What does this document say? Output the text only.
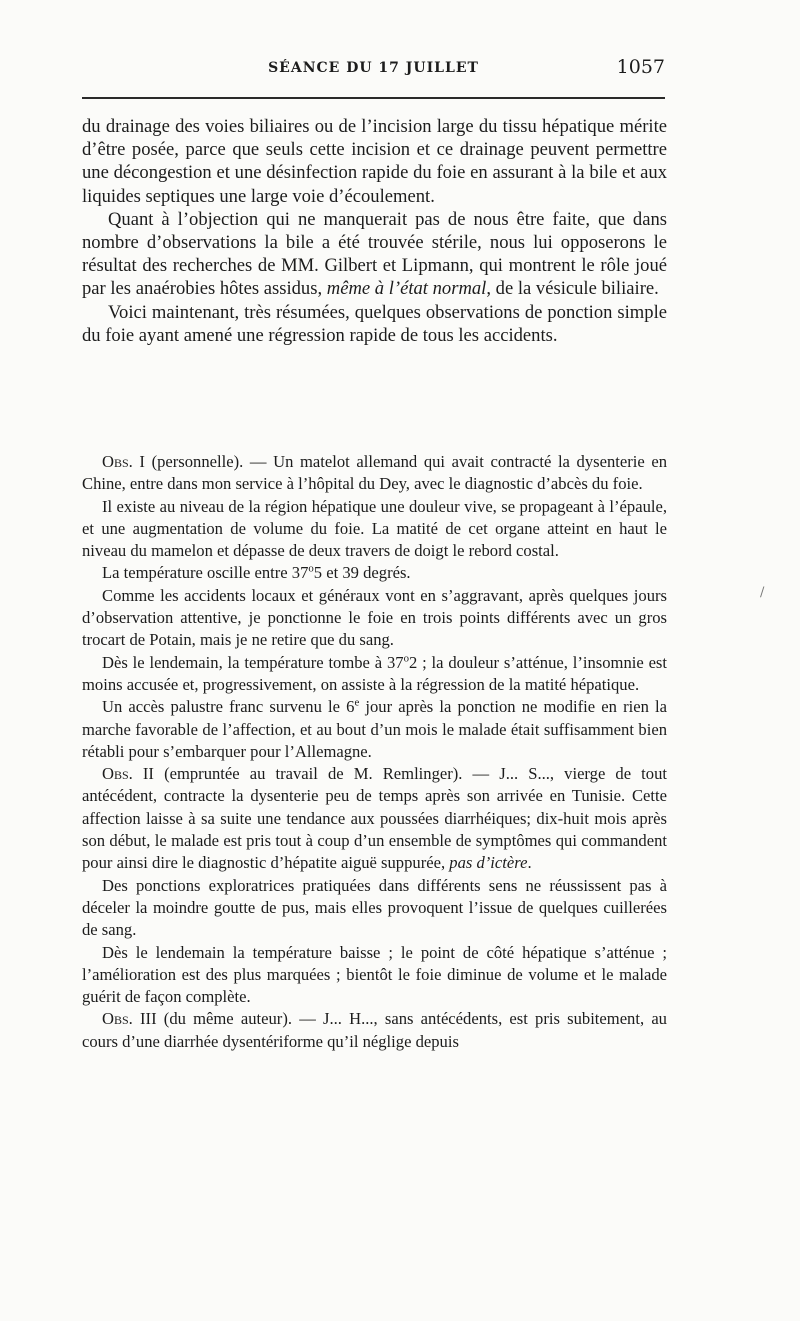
SÉANCE DU 17 JUILLET	1057

du drainage des voies biliaires ou de l’incision large du tissu hépatique mérite d’être posée, parce que seuls cette incision et ce drainage peuvent permettre une décongestion et une désinfection rapide du foie en assurant à la bile et aux liquides septiques une large voie d’écoulement.

Quant à l’objection qui ne manquerait pas de nous être faite, que dans nombre d’observations la bile a été trouvée stérile, nous lui opposerons le résultat des recherches de MM. Gilbert et Lipmann, qui montrent le rôle joué par les anaérobies hôtes assidus, même à l’état normal, de la vésicule biliaire.

Voici maintenant, très résumées, quelques observations de ponction simple du foie ayant amené une régression rapide de tous les accidents.

Obs. I (personnelle). — Un matelot allemand qui avait contracté la dysenterie en Chine, entre dans mon service à l’hôpital du Dey, avec le diagnostic d’abcès du foie.

Il existe au niveau de la région hépatique une douleur vive, se propageant à l’épaule, et une augmentation de volume du foie. La matité de cet organe atteint en haut le niveau du mamelon et dépasse de deux travers de doigt le rebord costal.

La température oscille entre 37$^o$5 et 39 degrés.

Comme les accidents locaux et généraux vont en s’aggravant, après quelques jours d’observation attentive, je ponctionne le foie en trois points différents avec un gros trocart de Potain, mais je ne retire que du sang.

Dès le lendemain, la température tombe à 37$^o$2 ; la douleur s’atténue, l’insomnie est moins accusée et, progressivement, on assiste à la régression de la matité hépatique.

Un accès palustre franc survenu le 6e jour après la ponction ne modifie en rien la marche favorable de l’affection, et au bout d’un mois le malade était suffisamment bien rétabli pour s’embarquer pour l’Allemagne.

Obs. II (empruntée au travail de M. Remlinger). — J... S..., vierge de tout antécédent, contracte la dysenterie peu de temps après son arrivée en Tunisie. Cette affection laisse à sa suite une tendance aux poussées diarrhéiques; dix-huit mois après son début, le malade est pris tout à coup d’un ensemble de symptômes qui commandent pour ainsi dire le diagnostic d’hépatite aiguë suppurée, pas d’ictère.

Des ponctions exploratrices pratiquées dans différents sens ne réussissent pas à déceler la moindre goutte de pus, mais elles provoquent l’issue de quelques cuillerées de sang.

Dès le lendemain la température baisse ; le point de côté hépatique s’atténue ; l’amélioration est des plus marquées ; bientôt le foie diminue de volume et le malade guérit de façon complète.

Obs. III (du même auteur). — J... H..., sans antécédents, est pris subitement, au cours d’une diarrhée dysentériforme qu’il néglige depuis

/
